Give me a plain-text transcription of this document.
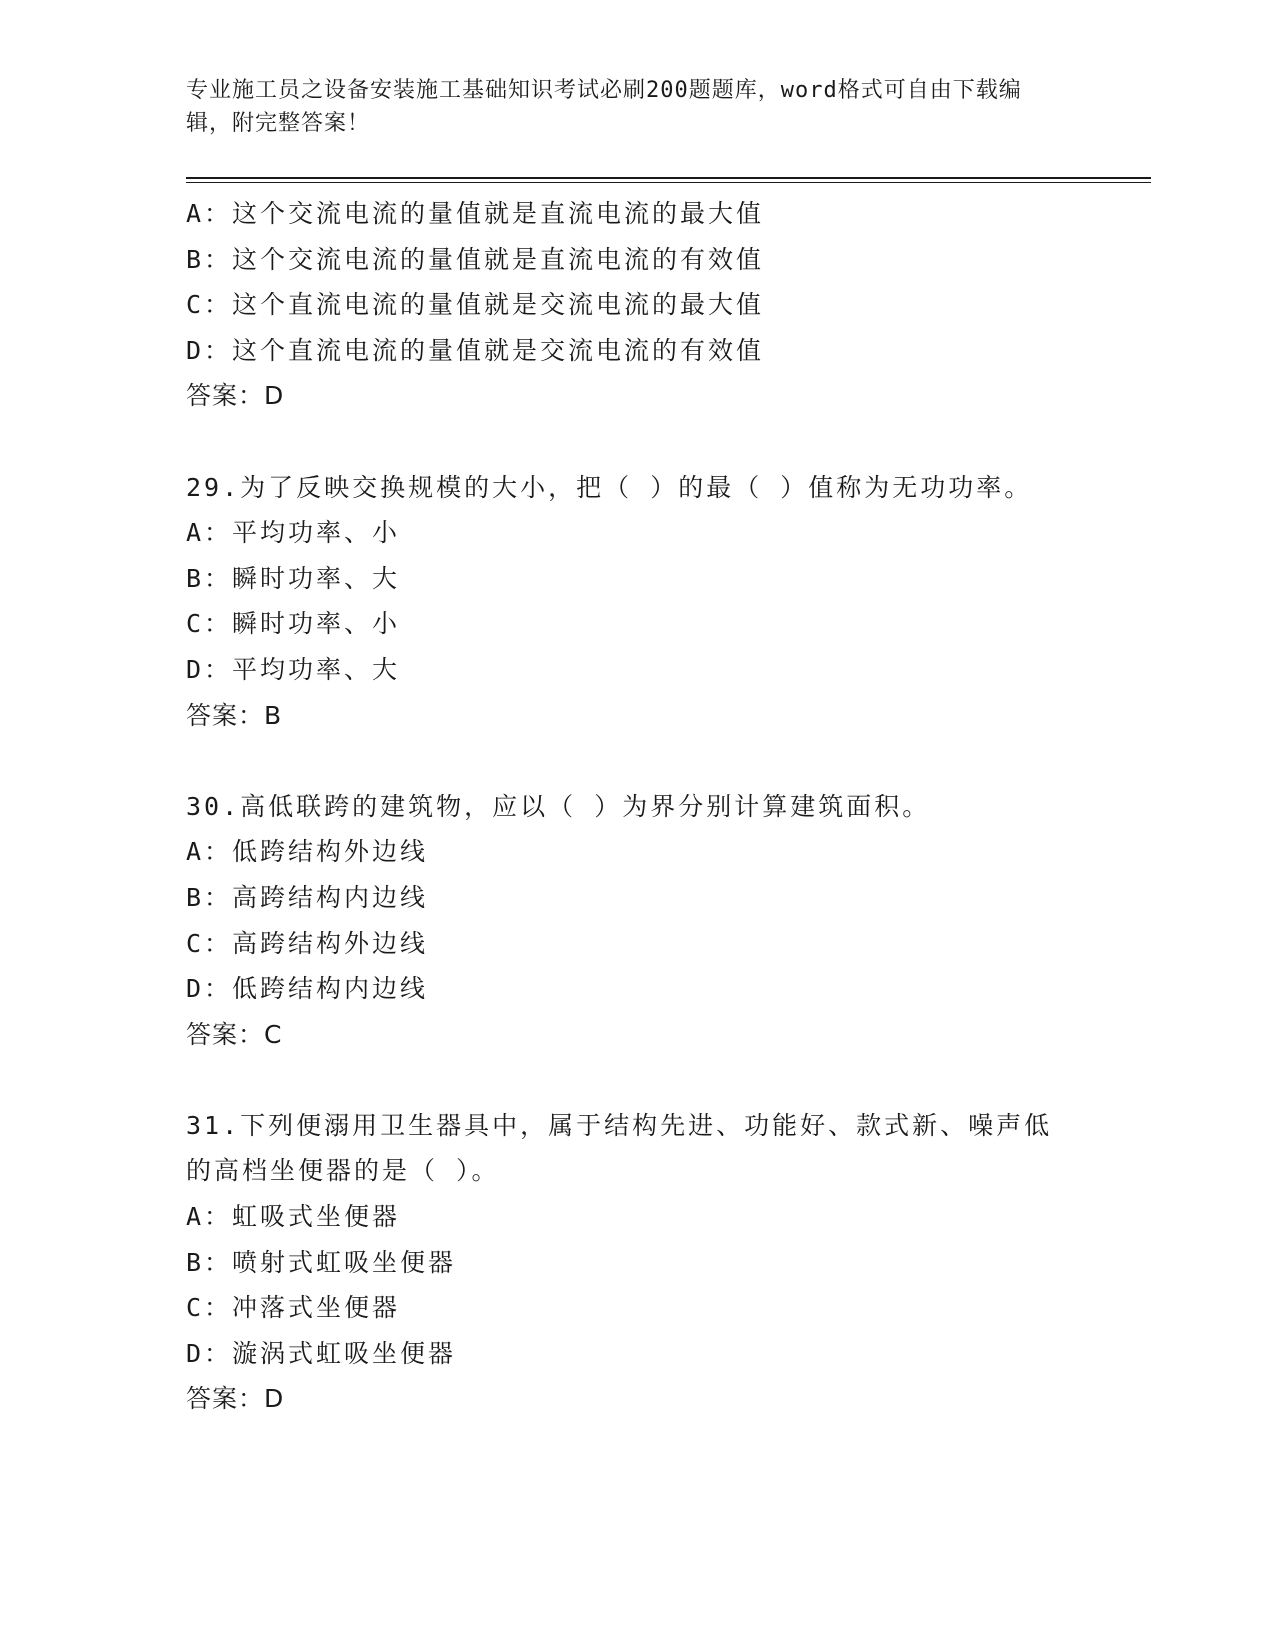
专业施工员之设备安装施工基础知识考试必刷200题题库，word格式可自由下载编辑，附完整答案！
A：这个交流电流的量值就是直流电流的最大值
B：这个交流电流的量值就是直流电流的有效值
C：这个直流电流的量值就是交流电流的最大值
D：这个直流电流的量值就是交流电流的有效值
答案：D
29.为了反映交换规模的大小，把（ ）的最（ ）值称为无功功率。
A：平均功率、小
B：瞬时功率、大
C：瞬时功率、小
D：平均功率、大
答案：B
30.高低联跨的建筑物，应以（ ）为界分别计算建筑面积。
A：低跨结构外边线
B：高跨结构内边线
C：高跨结构外边线
D：低跨结构内边线
答案：C
31.下列便溺用卫生器具中，属于结构先进、功能好、款式新、噪声低
的高档坐便器的是（ ）。
A：虹吸式坐便器
B：喷射式虹吸坐便器
C：冲落式坐便器
D：漩涡式虹吸坐便器
答案：D
